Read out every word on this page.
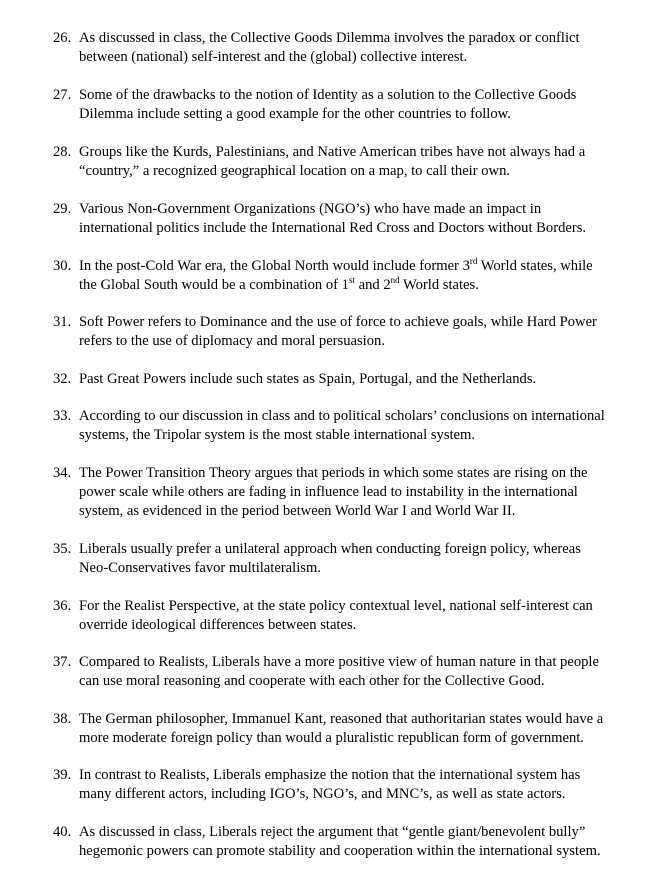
26. As discussed in class, the Collective Goods Dilemma involves the paradox or conflict
between (national) self-interest and the (global) collective interest.
27. Some of the drawbacks to the notion of Identity as a solution to the Collective Goods
Dilemma include setting a good example for the other countries to follow.
28. Groups like the Kurds, Palestinians, and Native American tribes have not always had a
“country,” a recognized geographical location on a map, to call their own.
29. Various Non-Government Organizations (NGO’s) who have made an impact in
international politics include the International Red Cross and Doctors without Borders.
30. In the post-Cold War era, the Global North would include former 3rd World states, while
the Global South would be a combination of 1st and 2nd World states.
31. Soft Power refers to Dominance and the use of force to achieve goals, while Hard Power
refers to the use of diplomacy and moral persuasion.
32. Past Great Powers include such states as Spain, Portugal, and the Netherlands.
33. According to our discussion in class and to political scholars’ conclusions on international
systems, the Tripolar system is the most stable international system.
34. The Power Transition Theory argues that periods in which some states are rising on the
power scale while others are fading in influence lead to instability in the international
system, as evidenced in the period between World War I and World War II.
35. Liberals usually prefer a unilateral approach when conducting foreign policy, whereas
Neo-Conservatives favor multilateralism.
36. For the Realist Perspective, at the state policy contextual level, national self-interest can
override ideological differences between states.
37. Compared to Realists, Liberals have a more positive view of human nature in that people
can use moral reasoning and cooperate with each other for the Collective Good.
38. The German philosopher, Immanuel Kant, reasoned that authoritarian states would have a
more moderate foreign policy than would a pluralistic republican form of government.
39. In contrast to Realists, Liberals emphasize the notion that the international system has
many different actors, including IGO’s, NGO’s, and MNC’s, as well as state actors.
40. As discussed in class, Liberals reject the argument that “gentle giant/benevolent bully”
hegemonic powers can promote stability and cooperation within the international system.
